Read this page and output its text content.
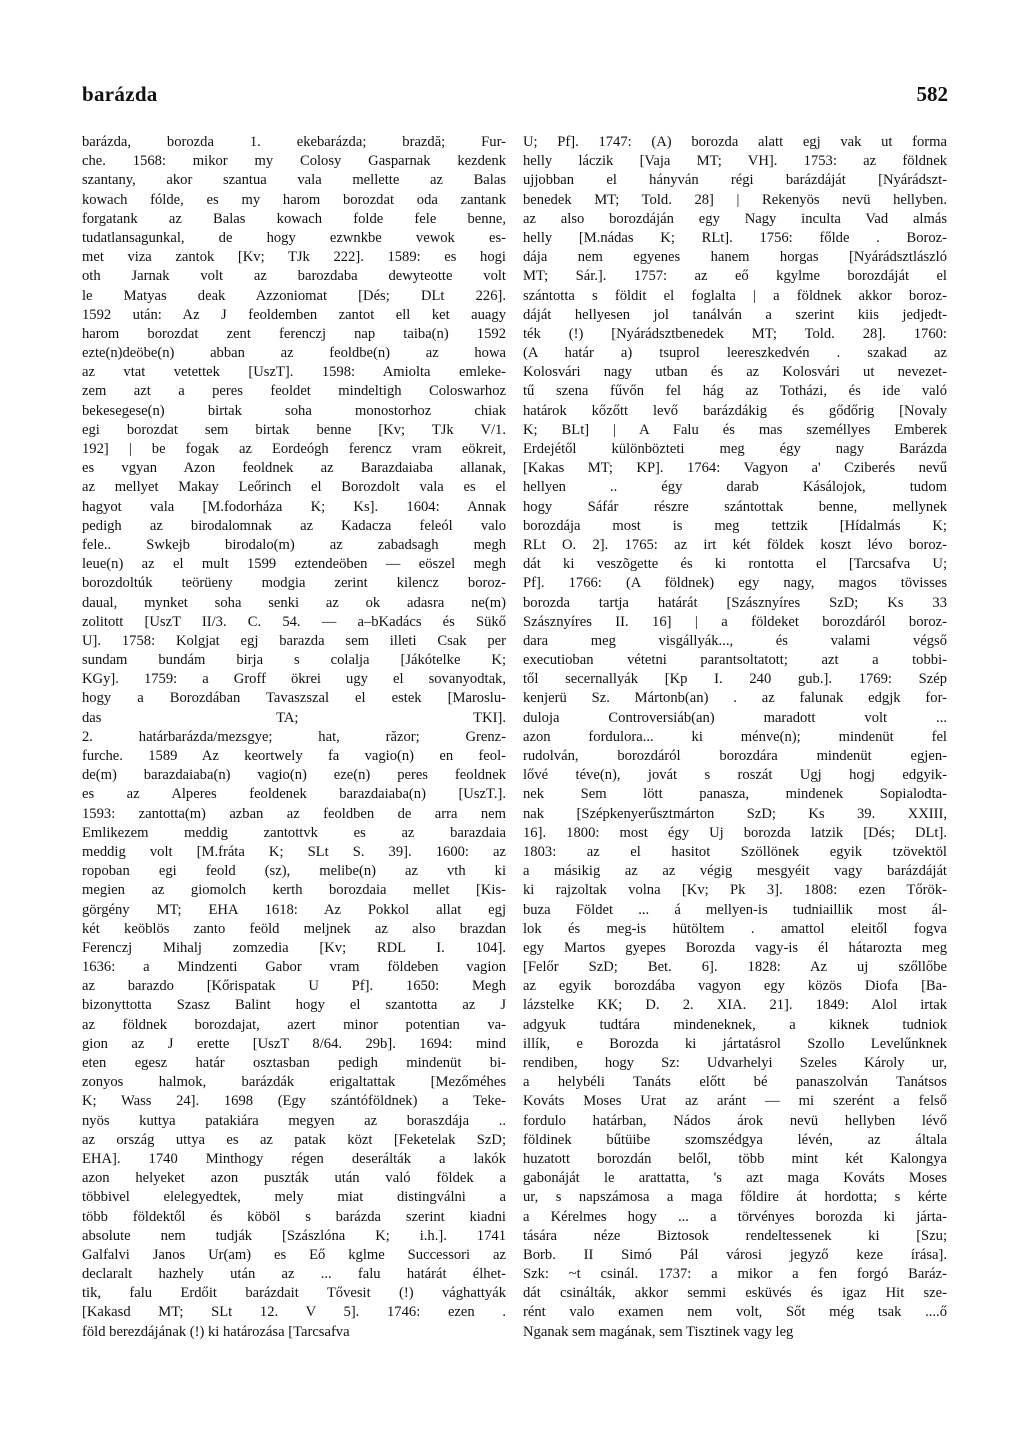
barázda	582
barázda, borozda 1. ekebarázda; brazdă; Fur-
che. 1568: mikor my Colosy Gasparnak kezdenk
szantany, akor szantua vala mellette az Balas
kowach fólde, es my harom borozdat oda zantank
forgatank az Balas kowach folde fele benne,
tudatlansagunkal, de hogy ezwnkbe vewok es-
met viza zantok [Kv; TJk 222]. 1589: es hogi
oth Jarnak volt az barozdaba dewyteotte volt
le Matyas deak Azzoniomat [Dés; DLt 226].
1592 után: Az J feoldemben zantot ell ket auagy
harom borozdat zent ferenczj nap taiba(n) 1592
ezte(n)deöbe(n) abban az feoldbe(n) az howa
az vtat vetettek [UszT]. 1598: Amiolta emleke-
zem azt a peres feoldet mindeltigh Coloswarhoz
bekesegese(n) birtak soha monostorhoz chiak
egi borozdat sem birtak benne [Kv; TJk V/1.
192] | be fogak az Eordeógh ferencz vram eökreit,
es vgyan Azon feoldnek az Barazdaiaba allanak,
az mellyet Makay Leőrinch el Borozdolt vala es el
hagyot vala [M.fodorháza K; Ks]. 1604: Annak
pedigh az birodalomnak az Kadacza feleól valo
fele.. Swkejb birodalo(m) az zabadsagh megh
leue(n) az el mult 1599 eztendeöben — eöszel megh
borozdoltúk teörüeny modgia zerint kilencz boroz-
daual, mynket soha senki az ok adasra ne(m)
zolitott [UszT II/3. C. 54. — a–bKadács és Sükő
U]. 1758: Kolgjat egj barazda sem illeti Csak per
sundam bundám birja s colalja [Jákótelke K;
KGy]. 1759: a Groff ökrei ugy el sovanyodtak,
hogy a Borozdában Tavaszszal el estek [Maroslu-
das TA; TKI].
2. határbarázda/mezsgye; hat, răzor; Grenz-
furche. 1589 Az keortwely fa vagio(n) en feol-
de(m) barazdaiaba(n) vagio(n) eze(n) peres feoldnek
es az Alperes feoldenek barazdaiaba(n) [UszT.].
1593: zantotta(m) azban az feoldben de arra nem
Emlikezem meddig zantottvk es az barazdaia
meddig volt [M.fráta K; SLt S. 39]. 1600: az
ropoban egi feold (sz), melibe(n) az vth ki
megien az giomolch kerth borozdaia mellet [Kis-
görgény MT; EHA 1618: Az Pokkol allat egj
két keöblös zanto feöld meljnek az also brazdan
Ferenczj Mihalj zomzedia [Kv; RDL I. 104].
1636: a Mindzenti Gabor vram földeben vagion
az barazdo [Kőrispatak U Pf]. 1650: Megh
bizonyttotta Szasz Balint hogy el szantotta az J
az földnek borozdajat, azert minor potentian va-
gion az J erette [UszT 8/64. 29b]. 1694: mind
eten egesz határ osztasban pedigh mindenüt bi-
zonyos halmok, barázdák erigaltattak [Mezőméhes
K; Wass 24]. 1698 (Egy szántóföldnek) a Teke-
nyös kuttya patakiára megyen az boraszdája ..
az ország uttya es az patak közt [Feketelak SzD;
EHA]. 1740 Minthogy régen deserálták a lakók
azon helyeket azon puszták után való földek a
többivel elelegyedtek, mely miat distingválni a
több földektől és köböl s barázda szerint kiadni
absolute nem tudják [Szászlóna K; i.h.]. 1741
Galfalvi Janos Ur(am) es Eő kglme Successori az
declaralt hazhely után az ... falu határát élhet-
tik, falu Erdőit barázdait Tővesit (!) vághattyák
[Kakasd MT; SLt 12. V 5]. 1746: ezen .
föld berezdájának (!) ki határozása [Tarcsafva
U; Pf]. 1747: (A) borozda alatt egj vak ut forma
helly láczik [Vaja MT; VH]. 1753: az földnek
ujjobban el hányván régi barázdáját [Nyárádszt-
benedek MT; Told. 28] | Rekenyös nevü hellyben.
az also borozdáján egy Nagy inculta Vad almás
helly [M.nádas K; RLt]. 1756: főlde . Boroz-
dája nem egyenes hanem horgas [Nyárádsztlászló
MT; Sár.]. 1757: az eő kgylme borozdáját el
szántotta s földit el foglalta | a földnek akkor boroz-
dáját hellyesen jol tanálván a szerint kiis jedjedt-
ték (!) [Nyárádsztbenedek MT; Told. 28]. 1760:
(A határ a) tsuprol leereszkedvén . szakad az
Kolosvári nagy utban és az Kolosvári ut nevezet-
tű szena fűvőn fel hág az Totházi, és ide való
határok kőzőtt levő barázdákig és gődőrig [Novaly
K; BLt] | A Falu és mas személlyes Emberek
Erdejétől különbözteti meg égy nagy Barázda
[Kakas MT; KP]. 1764: Vagyon a' Cziberés nevű
hellyen .. égy darab Kásálojok, tudom
hogy Sáfár részre szántottak benne, mellynek
borozdája most is meg tettzik [Hídalmás K;
RLt O. 2]. 1765: az irt két földek koszt lévo boroz-
dát ki veszõgette és ki rontotta el [Tarcsafva U;
Pf]. 1766: (A földnek) egy nagy, magos tövisses
borozda tartja határát [Szásznyíres SzD; Ks 33
Szásznyíres II. 16] | a földeket borozdáról boroz-
dara meg visgállyák..., és valami végső
executioban vétetni parantsoltatott; azt a tobbi-
től secernallyák [Kp I. 240 gub.]. 1769: Szép
kenjerü Sz. Mártonb(an) . az falunak edgjk for-
duloja Controversiáb(an) maradott volt ...
azon fordulora... ki ménve(n); mindenüt fel
rudolván, borozdáról borozdára mindenüt egjen-
lővé téve(n), jovát s roszát Ugj hogj edgyik-
nek Sem lött panasza, mindenek Sopialodta-
nak [Szépkenyerűsztmárton SzD; Ks 39. XXIII,
16]. 1800: most égy Uj borozda latzik [Dés; DLt].
1803: az el hasitot Szöllönek egyik tzövektöl
a másikig az az végig mesgyéit vagy barázdáját
ki rajzoltak volna [Kv; Pk 3]. 1808: ezen Tőrök-
buza Földet ... á mellyen-is tudniaillik most ál-
lok és meg-is hütöltem . amattol eleitől fogva
egy Martos gyepes Borozda vagy-is él hátarozta meg
[Felőr SzD; Bet. 6]. 1828: Az uj szőllőbe
az egyik borozdába vagyon egy közös Diofa [Ba-
lázstelke KK; D. 2. XIA. 21]. 1849: Alol irtak
adgyuk tudtára mindeneknek, a kiknek tudniok
illík, e Borozda ki jártatásrol Szollo Levelűnknek
rendiben, hogy Sz: Udvarhelyi Szeles Károly ur,
a helybéli Tanáts előtt bé panaszolván Tanátsos
Kováts Moses Urat az aránt — mi szerént a felső
fordulo határban, Nádos árok nevü hellyben lévő
földinek bűtüibe szomszédgya lévén, az általa
huzatott borozdán belől, több mint két Kalongya
gabonáját le arattatta, 's azt maga Kováts Moses
ur, s napszámosa a maga főldire át hordotta; s kérte
a Kérelmes hogy ... a törvényes borozda ki járta-
tására néze Biztosok rendeltessenek ki [Szu;
Borb. II Simó Pál városi jegyző keze írása].
Szk: ~t csinál. 1737: a mikor a fen forgó Baráz-
dát csinálták, akkor semmi esküvés és igaz Hit sze-
rént valo examen nem volt, Sőt még tsak ....ő
Nganak sem magának, sem Tisztinek vagy leg
